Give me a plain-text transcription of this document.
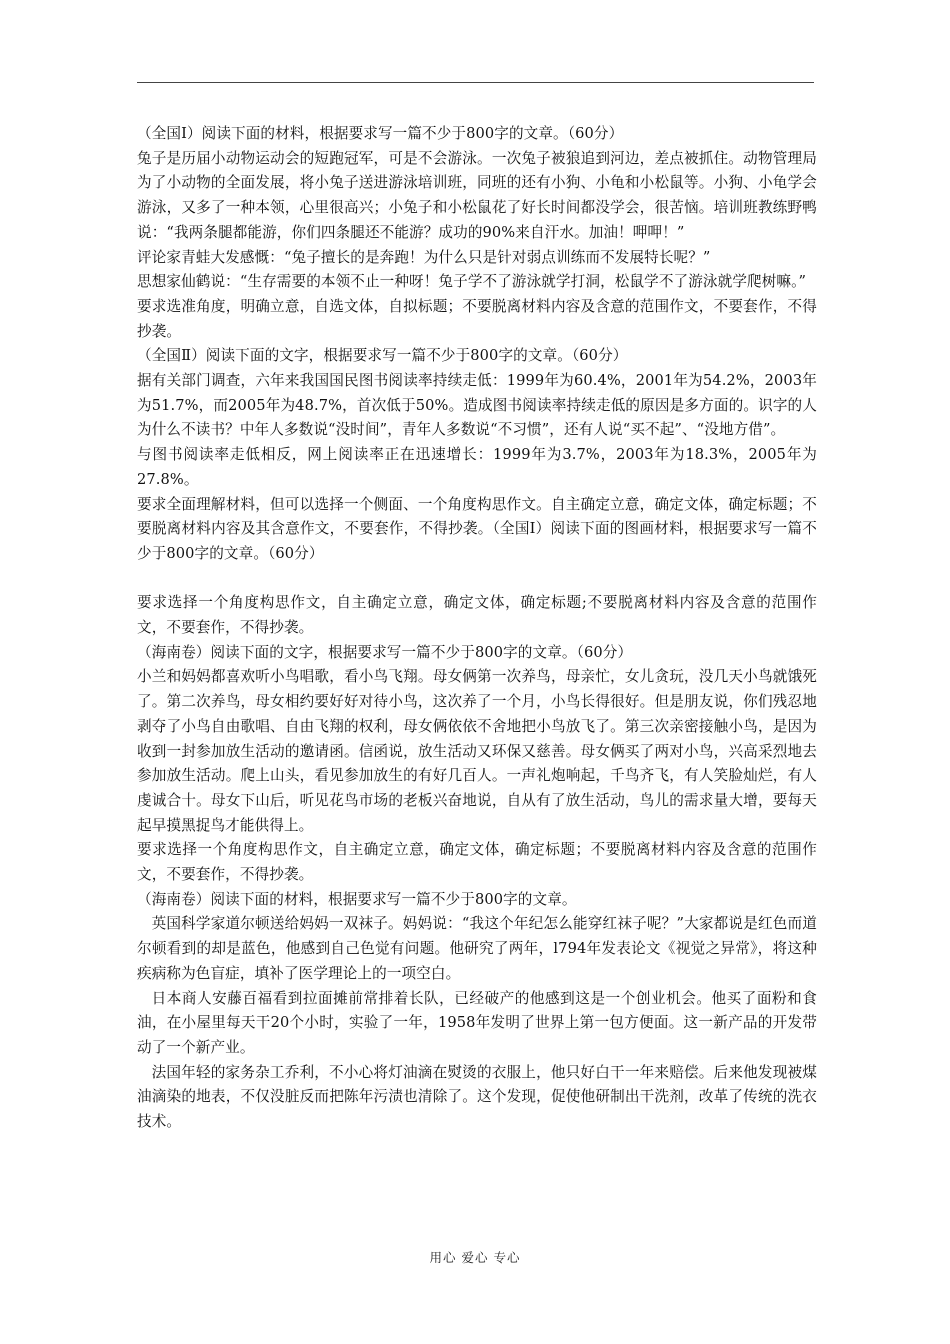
（全国Ⅰ）阅读下面的材料，根据要求写一篇不少于800字的文章。（60分）

兔子是历届小动物运动会的短跑冠军，可是不会游泳。一次兔子被狼追到河边，差点被抓住。动物管理局为了小动物的全面发展，将小兔子送进游泳培训班，同班的还有小狗、小龟和小松鼠等。小狗、小龟学会游泳，又多了一种本领，心里很高兴；小兔子和小松鼠花了好长时间都没学会，很苦恼。培训班教练野鸭说：“我两条腿都能游，你们四条腿还不能游？成功的90%来自汗水。加油！呷呷！”

评论家青蛙大发感慨：“兔子擅长的是奔跑！为什么只是针对弱点训练而不发展特长呢？”

思想家仙鹤说：“生存需要的本领不止一种呀！兔子学不了游泳就学打洞，松鼠学不了游泳就学爬树嘛。”

要求选准角度，明确立意，自选文体，自拟标题；不要脱离材料内容及含意的范围作文，不要套作，不得抄袭。

（全国Ⅱ）阅读下面的文字，根据要求写一篇不少于800字的文章。（60分）

据有关部门调查，六年来我国国民图书阅读率持续走低：1999年为60.4%，2001年为54.2%，2003年为51.7%，而2005年为48.7%，首次低于50%。造成图书阅读率持续走低的原因是多方面的。识字的人为什么不读书？中年人多数说“没时间”，青年人多数说“不习惯”，还有人说“买不起”、“没地方借”。

与图书阅读率走低相反，网上阅读率正在迅速增长：1999年为3.7%，2003年为18.3%，2005年为27.8%。

要求全面理解材料，但可以选择一个侧面、一个角度构思作文。自主确定立意，确定文体，确定标题；不要脱离材料内容及其含意作文，不要套作，不得抄袭。（全国Ⅰ）阅读下面的图画材料，根据要求写一篇不少于800字的文章。（60分）

要求选择一个角度构思作文，自主确定立意，确定文体，确定标题;不要脱离材料内容及含意的范围作文，不要套作，不得抄袭。

（海南卷）阅读下面的文字，根据要求写一篇不少于800字的文章。（60分）

小兰和妈妈都喜欢听小鸟唱歌，看小鸟飞翔。母女俩第一次养鸟，母亲忙，女儿贪玩，没几天小鸟就饿死了。第二次养鸟，母女相约要好好对待小鸟，这次养了一个月，小鸟长得很好。但是朋友说，你们残忍地剥夺了小鸟自由歌唱、自由飞翔的权利，母女俩依依不舍地把小鸟放飞了。第三次亲密接触小鸟，是因为收到一封参加放生活动的邀请函。信函说，放生活动又环保又慈善。母女俩买了两对小鸟，兴高采烈地去参加放生活动。爬上山头，看见参加放生的有好几百人。一声礼炮响起，千鸟齐飞，有人笑脸灿烂，有人虔诚合十。母女下山后，听见花鸟市场的老板兴奋地说，自从有了放生活动，鸟儿的需求量大增，要每天起早摸黑捉鸟才能供得上。

要求选择一个角度构思作文，自主确定立意，确定文体，确定标题；不要脱离材料内容及含意的范围作文，不要套作，不得抄袭。

（海南卷）阅读下面的材料，根据要求写一篇不少于800字的文章。

英国科学家道尔顿送给妈妈一双袜子。妈妈说：“我这个年纪怎么能穿红袜子呢？”大家都说是红色而道尔顿看到的却是蓝色，他感到自己色觉有问题。他研究了两年，l794年发表论文《视觉之异常》，将这种疾病称为色盲症，填补了医学理论上的一项空白。

日本商人安藤百福看到拉面摊前常排着长队，已经破产的他感到这是一个创业机会。他买了面粉和食油，在小屋里每天干20个小时，实验了一年，1958年发明了世界上第一包方便面。这一新产品的开发带动了一个新产业。

法国年轻的家务杂工乔利，不小心将灯油滴在熨烫的衣服上，他只好白干一年来赔偿。后来他发现被煤油滴染的地表，不仅没脏反而把陈年污渍也清除了。这个发现，促使他研制出干洗剂，改革了传统的洗衣技术。

用心 爱心 专心
